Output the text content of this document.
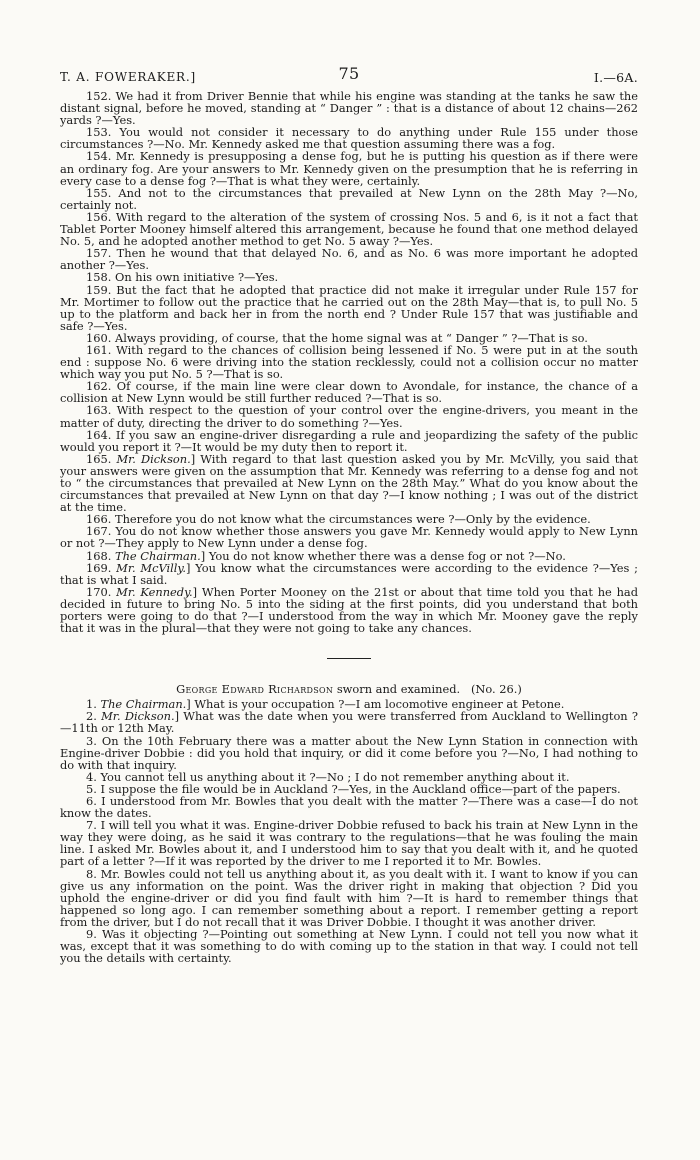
T. A. FOWERAKER.]	75	I.—6A.

152. We had it from Driver Bennie that while his engine was standing at the tanks he saw the distant signal, before he moved, standing at “ Danger ” : that is a distance of about 12 chains—262 yards ?—Yes.

153. You would not consider it necessary to do anything under Rule 155 under those circumstances ?—No. Mr. Kennedy asked me that question assuming there was a fog.

154. Mr. Kennedy is presupposing a dense fog, but he is putting his question as if there were an ordinary fog. Are your answers to Mr. Kennedy given on the presumption that he is referring in every case to a dense fog ?—That is what they were, certainly.

155. And not to the circumstances that prevailed at New Lynn on the 28th May ?—No, certainly not.

156. With regard to the alteration of the system of crossing Nos. 5 and 6, is it not a fact that Tablet Porter Mooney himself altered this arrangement, because he found that one method delayed No. 5, and he adopted another method to get No. 5 away ?—Yes.

157. Then he wound that that delayed No. 6, and as No. 6 was more important he adopted another ?—Yes.

158. On his own initiative ?—Yes.

159. But the fact that he adopted that practice did not make it irregular under Rule 157 for Mr. Mortimer to follow out the practice that he carried out on the 28th May—that is, to pull No. 5 up to the platform and back her in from the north end ? Under Rule 157 that was justifiable and safe ?—Yes.

160. Always providing, of course, that the home signal was at “ Danger ” ?—That is so.

161. With regard to the chances of collision being lessened if No. 5 were put in at the south end : suppose No. 6 were driving into the station recklessly, could not a collision occur no matter which way you put No. 5 ?—That is so.

162. Of course, if the main line were clear down to Avondale, for instance, the chance of a collision at New Lynn would be still further reduced ?—That is so.

163. With respect to the question of your control over the engine-drivers, you meant in the matter of duty, directing the driver to do something ?—Yes.

164. If you saw an engine-driver disregarding a rule and jeopardizing the safety of the public would you report it ?—It would be my duty then to report it.

165. Mr. Dickson.] With regard to that last question asked you by Mr. McVilly, you said that your answers were given on the assumption that Mr. Kennedy was referring to a dense fog and not to “ the circumstances that prevailed at New Lynn on the 28th May.” What do you know about the circumstances that prevailed at New Lynn on that day ?—I know nothing ; I was out of the district at the time.

166. Therefore you do not know what the circumstances were ?—Only by the evidence.

167. You do not know whether those answers you gave Mr. Kennedy would apply to New Lynn or not ?—They apply to New Lynn under a dense fog.

168. The Chairman.] You do not know whether there was a dense fog or not ?—No.

169. Mr. McVilly.] You know what the circumstances were according to the evidence ?—Yes ; that is what I said.

170. Mr. Kennedy.] When Porter Mooney on the 21st or about that time told you that he had decided in future to bring No. 5 into the siding at the first points, did you understand that both porters were going to do that ?—I understood from the way in which Mr. Mooney gave the reply that it was in the plural—that they were not going to take any chances.

George Edward Richardson sworn and examined. (No. 26.)

1. The Chairman.] What is your occupation ?—I am locomotive engineer at Petone.

2. Mr. Dickson.] What was the date when you were transferred from Auckland to Wellington ?—11th or 12th May.

3. On the 10th February there was a matter about the New Lynn Station in connection with Engine-driver Dobbie : did you hold that inquiry, or did it come before you ?—No, I had nothing to do with that inquiry.

4. You cannot tell us anything about it ?—No ; I do not remember anything about it.

5. I suppose the file would be in Auckland ?—Yes, in the Auckland office—part of the papers.

6. I understood from Mr. Bowles that you dealt with the matter ?—There was a case—I do not know the dates.

7. I will tell you what it was. Engine-driver Dobbie refused to back his train at New Lynn in the way they were doing, as he said it was contrary to the regulations—that he was fouling the main line. I asked Mr. Bowles about it, and I understood him to say that you dealt with it, and he quoted part of a letter ?—If it was reported by the driver to me I reported it to Mr. Bowles.

8. Mr. Bowles could not tell us anything about it, as you dealt with it. I want to know if you can give us any information on the point. Was the driver right in making that objection ? Did you uphold the engine-driver or did you find fault with him ?—It is hard to remember things that happened so long ago. I can remember something about a report. I remember getting a report from the driver, but I do not recall that it was Driver Dobbie. I thought it was another driver.

9. Was it objecting ?—Pointing out something at New Lynn. I could not tell you now what it was, except that it was something to do with coming up to the station in that way. I could not tell you the details with certainty.
